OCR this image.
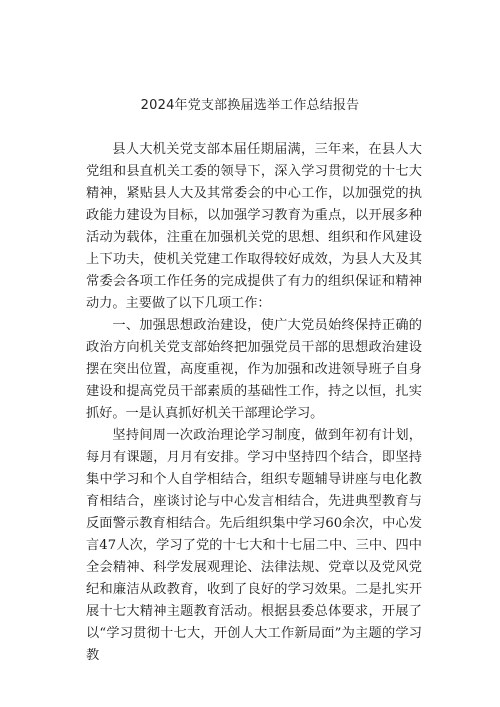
2024年党支部换届选举工作总结报告

县人大机关党支部本届任期届满，三年来，在县人大党组和县直机关工委的领导下，深入学习贯彻党的十七大精神，紧贴县人大及其常委会的中心工作，以加强党的执政能力建设为目标，以加强学习教育为重点，以开展多种活动为载体，注重在加强机关党的思想、组织和作风建设上下功夫，使机关党建工作取得较好成效，为县人大及其常委会各项工作任务的完成提供了有力的组织保证和精神动力。主要做了以下几项工作：

一、加强思想政治建设，使广大党员始终保持正确的政治方向机关党支部始终把加强党员干部的思想政治建设摆在突出位置，高度重视，作为加强和改进领导班子自身建设和提高党员干部素质的基础性工作，持之以恒，扎实抓好。一是认真抓好机关干部理论学习。

坚持间周一次政治理论学习制度，做到年初有计划，每月有课题，月月有安排。学习中坚持四个结合，即坚持集中学习和个人自学相结合，组织专题辅导讲座与电化教育相结合，座谈讨论与中心发言相结合，先进典型教育与反面警示教育相结合。先后组织集中学习60余次，中心发言47人次，学习了党的十七大和十七届二中、三中、四中全会精神、科学发展观理论、法律法规、党章以及党风党纪和廉洁从政教育，收到了良好的学习效果。二是扎实开展十七大精神主题教育活动。根据县委总体要求，开展了以“学习贯彻十七大，开创人大工作新局面”为主题的学习教
